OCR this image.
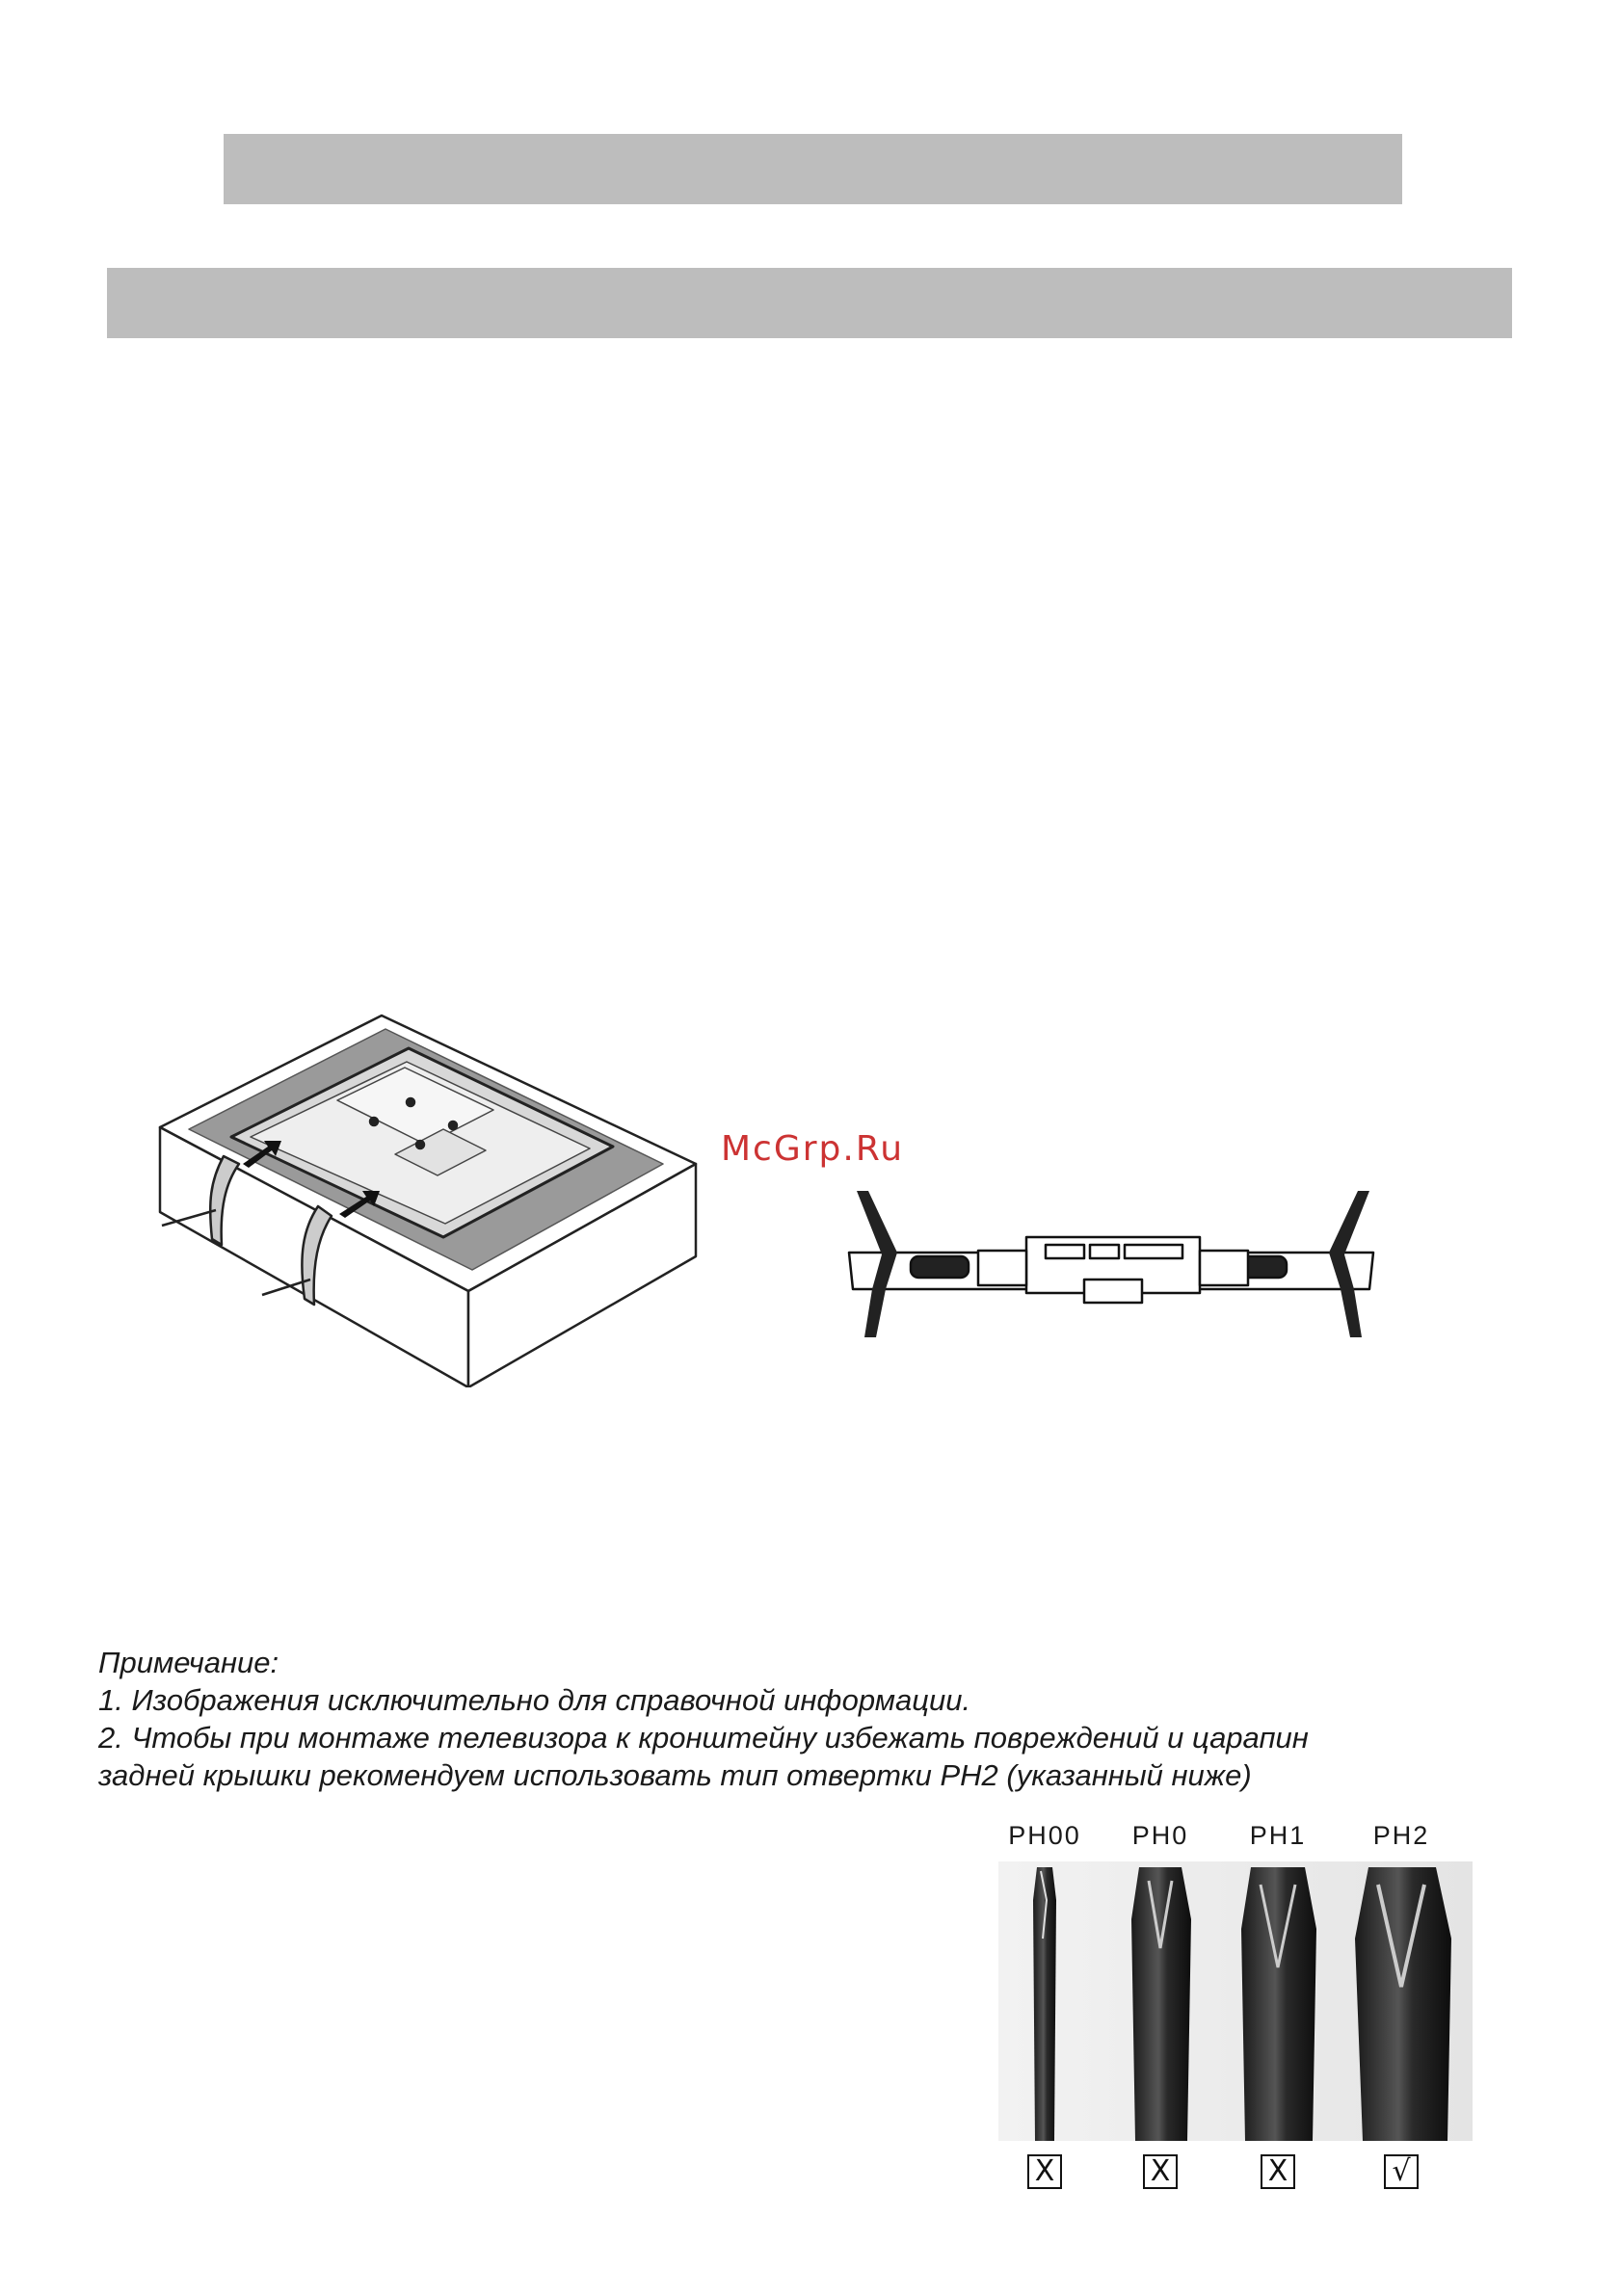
McGrp.Ru
Примечание:
1. Изображения исключительно для справочной информации.
2. Чтобы при монтаже телевизора к кронштейну избежать повреждений и царапин
задней крышки рекомендуем использовать тип отвертки PH2 (указанный ниже)
PH00 PH0 PH1	PH2
X	X	X	√
